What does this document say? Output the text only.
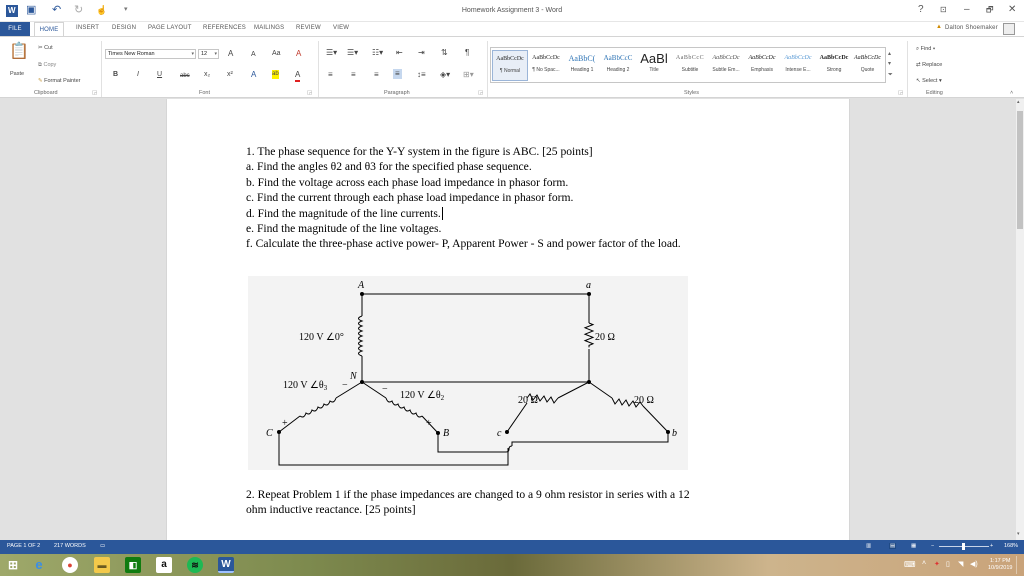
W ▣ ↶ ↻ ☝ ▾	Homework Assignment 3 - Word	? ⊡ – 🗗 ✕
FILE	HOME	INSERT DESIGN PAGE LAYOUT REFERENCES MAILINGS REVIEW VIEW	▲ Dalton Shoemaker
📋
Paste
✂ Cut
⧉ Copy
✎ Format Painter
Clipboard	◲
Times New Roman	▾	12 ▾ A	A Aa A
B	I	U	abc x₂ x² A	ab A
Font	◲
☰▾ ☰▾ ☷▾ ⇤ ⇥ ⇅ ¶
≡ ≡ ≡ ≡ ↕≡ ◈▾ ⊞▾
Paragraph	◲
AaBbCcDc
¶ Normal
AaBbCcDc
¶ No Spac...
AaBbC(
Heading 1
AaBbCcC
Heading 2
AaBl
Title
AaBbCcC
Subtitle
AaBbCcDc
Subtle Em...
AaBbCcDc
Emphasis
AaBbCcDc
Intense E...
AaBbCcDc
Strong
AaBbCcDc
Quote
▴
▾
⏷
Styles	◲
⌕ Find ▾
⇄ Replace
↖ Select ▾
Editing	˄
▴
▾
1. The phase sequence for the Y-Y system in the figure is ABC. [25 points]
a. Find the angles θ2 and θ3 for the specified phase sequence.
b. Find the voltage across each phase load impedance in phasor form.
c. Find the current through each phase load impedance in phasor form.
d. Find the magnitude of the line currents.
e. Find the magnitude of the line voltages.
f. Calculate the three-phase active power- P, Apparent Power - S and power factor of the load.
A	a
N
C	B	c	b
120 V ∠0°
120 V $\angle\theta_3$
120 V $\angle\theta_2$
20 Ω
20 Ω	20 Ω
−	−
+	+
2. Repeat Problem 1 if the phase impedances are changed to a 9 ohm resistor in series with a 12
ohm inductive reactance. [25 points]
PAGE 1 OF 2	217 WORDS	▭	▥	▤	▦	−	+ 168%
⊞	e	●	▬	◧	a	≋	W	⌨ ˄ ✦ ▯ ◥ ◀)	1:17 PM
10/9/2019
